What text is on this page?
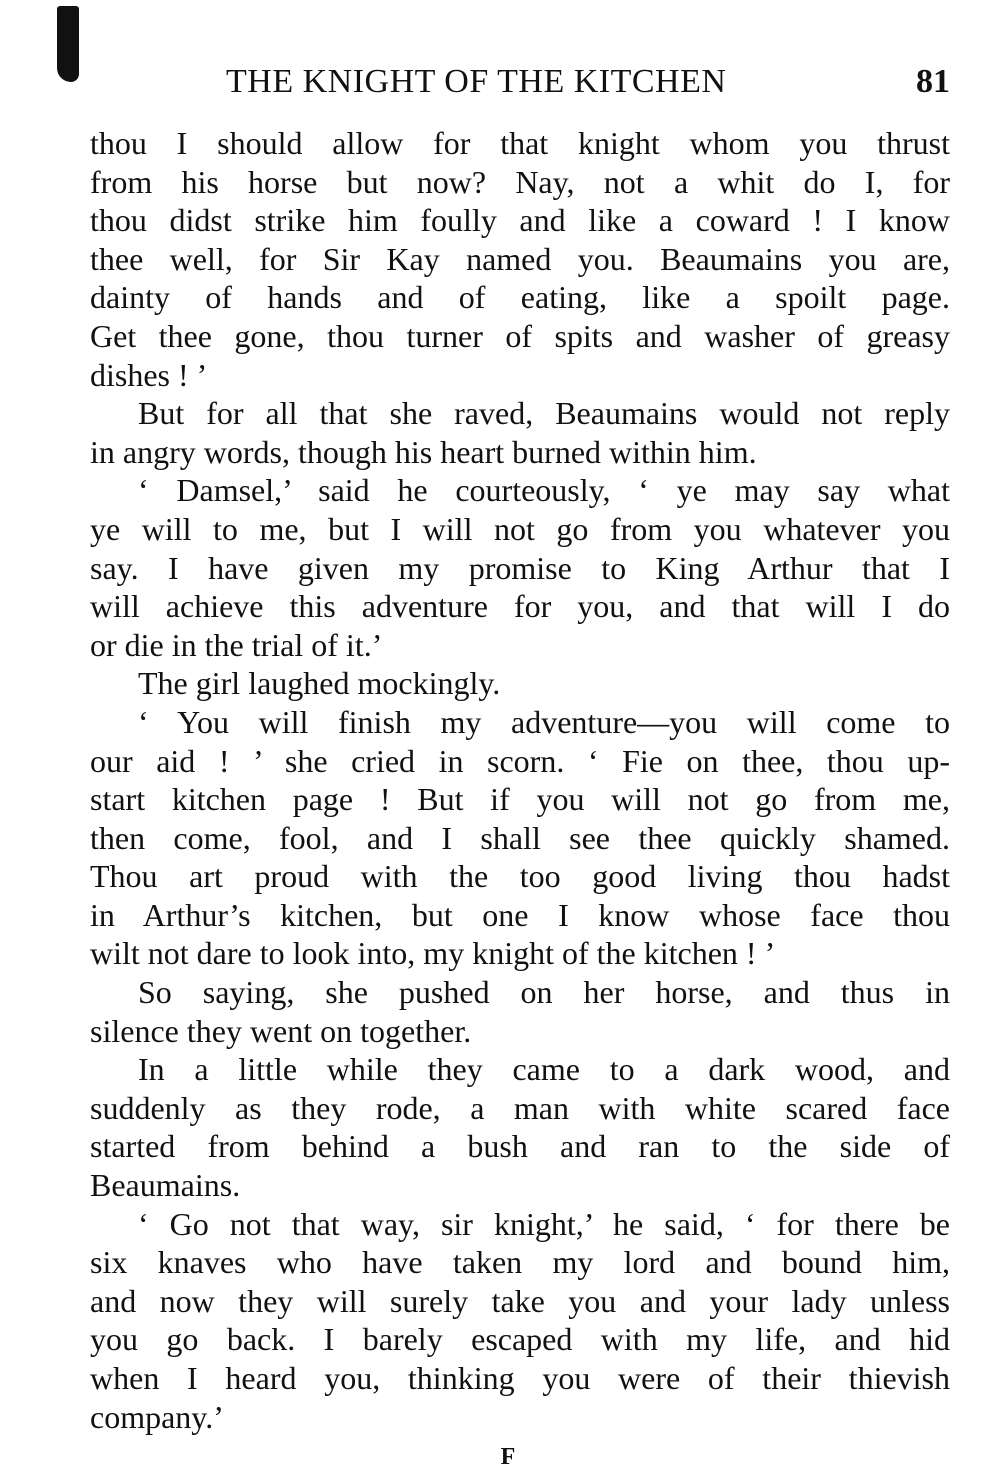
THE KNIGHT OF THE KITCHEN	81
thou I should allow for that knight whom you thrust
from his horse but now? Nay, not a whit do I, for
thou didst strike him foully and like a coward ! I know
thee well, for Sir Kay named you. Beaumains you are,
dainty of hands and of eating, like a spoilt page.
Get thee gone, thou turner of spits and washer of greasy
dishes ! ’
But for all that she raved, Beaumains would not reply
in angry words, though his heart burned within him.
‘ Damsel,’ said he courteously, ‘ ye may say what
ye will to me, but I will not go from you whatever you
say. I have given my promise to King Arthur that I
will achieve this adventure for you, and that will I do
or die in the trial of it.’
The girl laughed mockingly.
‘ You will finish my adventure—you will come to
our aid ! ’ she cried in scorn. ‘ Fie on thee, thou up-
start kitchen page ! But if you will not go from me,
then come, fool, and I shall see thee quickly shamed.
Thou art proud with the too good living thou hadst
in Arthur’s kitchen, but one I know whose face thou
wilt not dare to look into, my knight of the kitchen ! ’
So saying, she pushed on her horse, and thus in
silence they went on together.
In a little while they came to a dark wood, and
suddenly as they rode, a man with white scared face
started from behind a bush and ran to the side of
Beaumains.
‘ Go not that way, sir knight,’ he said, ‘ for there be
six knaves who have taken my lord and bound him,
and now they will surely take you and your lady unless
you go back. I barely escaped with my life, and hid
when I heard you, thinking you were of their thievish
company.’
F
